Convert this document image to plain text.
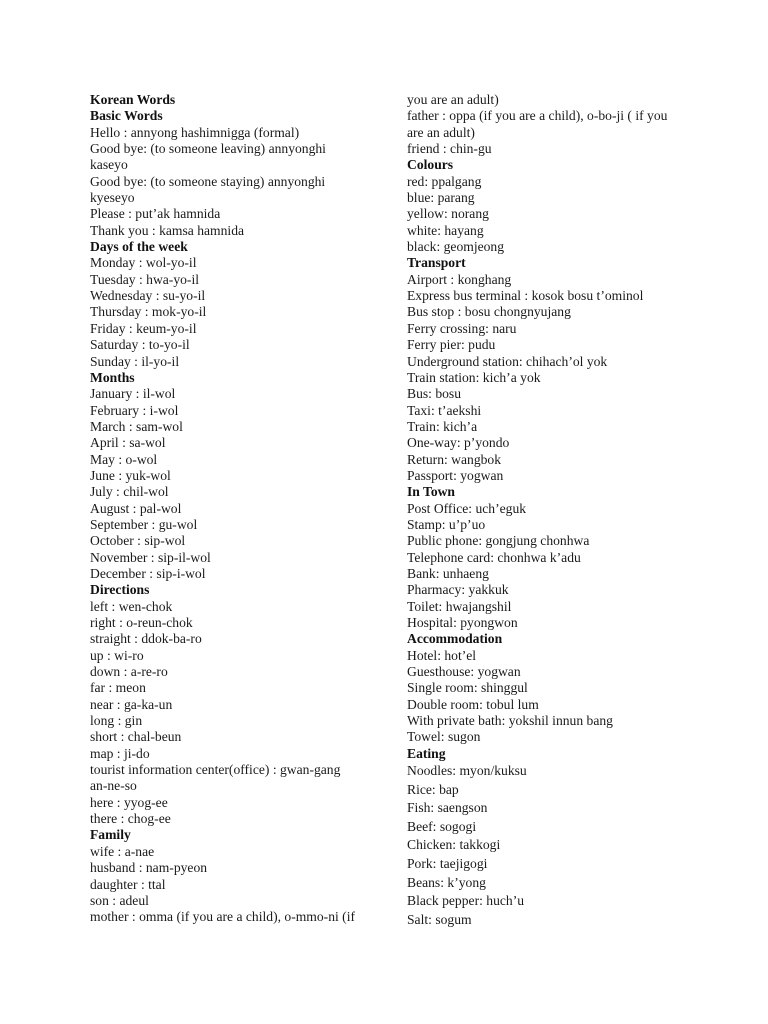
Korean Words
Basic Words
Hello : annyong hashimnigga (formal)
Good bye: (to someone leaving) annyonghi
kaseyo
Good bye: (to someone staying) annyonghi
kyeseyo
Please : put’ak hamnida
Thank you : kamsa hamnida
Days of the week
Monday : wol-yo-il
Tuesday : hwa-yo-il
Wednesday : su-yo-il
Thursday : mok-yo-il
Friday : keum-yo-il
Saturday : to-yo-il
Sunday : il-yo-il
Months
January : il-wol
February : i-wol
March : sam-wol
April : sa-wol
May : o-wol
June : yuk-wol
July : chil-wol
August : pal-wol
September : gu-wol
October : sip-wol
November : sip-il-wol
December : sip-i-wol
Directions
left : wen-chok
right : o-reun-chok
straight : ddok-ba-ro
up : wi-ro
down : a-re-ro
far : meon
near : ga-ka-un
long : gin
short : chal-beun
map : ji-do
tourist information center(office) : gwan-gang
an-ne-so
here : yyog-ee
there : chog-ee
Family
wife : a-nae
husband : nam-pyeon
daughter : ttal
son : adeul
mother : omma (if you are a child), o-mmo-ni (if
you are an adult)
father : oppa (if you are a child), o-bo-ji ( if you
are an adult)
friend : chin-gu
Colours
red: ppalgang
blue: parang
yellow: norang
white: hayang
black: geomjeong
Transport
Airport : konghang
Express bus terminal : kosok bosu t’ominol
Bus stop : bosu chongnyujang
Ferry crossing: naru
Ferry pier: pudu
Underground station: chihach’ol yok
Train station: kich’a yok
Bus: bosu
Taxi: t’aekshi
Train: kich’a
One-way: p’yondo
Return: wangbok
Passport: yogwan
In Town
Post Office: uch’eguk
Stamp: u’p’uo
Public phone: gongjung chonhwa
Telephone card: chonhwa k’adu
Bank: unhaeng
Pharmacy: yakkuk
Toilet: hwajangshil
Hospital: pyongwon
Accommodation
Hotel: hot’el
Guesthouse: yogwan
Single room: shinggul
Double room: tobul lum
With private bath: yokshil innun bang
Towel: sugon
Eating
Noodles: myon/kuksu
Rice: bap
Fish: saengson
Beef: sogogi
Chicken: takkogi
Pork: taejigogi
Beans: k’yong
Black pepper: huch’u
Salt: sogum
